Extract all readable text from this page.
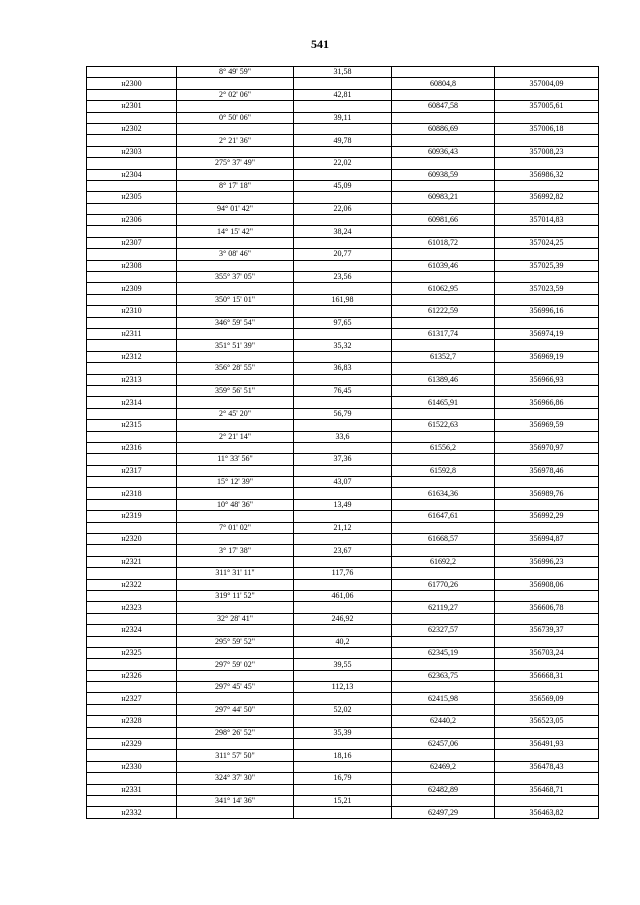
541
	8° 49' 59"	31,58		
н2300			60804,8	357004,09
	2° 02' 06"	42,81		
н2301			60847,58	357005,61
	0° 50' 06"	39,11		
н2302			60886,69	357006,18
	2° 21' 36"	49,78		
н2303			60936,43	357008,23
	275° 37' 49"	22,02		
н2304			60938,59	356986,32
	8° 17' 18"	45,09		
н2305			60983,21	356992,82
	94° 01' 42"	22,06		
н2306			60981,66	357014,83
	14° 15' 42"	38,24		
н2307			61018,72	357024,25
	3° 08' 46"	20,77		
н2308			61039,46	357025,39
	355° 37' 05"	23,56		
н2309			61062,95	357023,59
	350° 15' 01"	161,98		
н2310			61222,59	356996,16
	346° 59' 54"	97,65		
н2311			61317,74	356974,19
	351° 51' 39"	35,32		
н2312			61352,7	356969,19
	356° 28' 55"	36,83		
н2313			61389,46	356966,93
	359° 56' 51"	76,45		
н2314			61465,91	356966,86
	2° 45' 20"	56,79		
н2315			61522,63	356969,59
	2° 21' 14"	33,6		
н2316			61556,2	356970,97
	11° 33' 56"	37,36		
н2317			61592,8	356978,46
	15° 12' 39"	43,07		
н2318			61634,36	356989,76
	10° 48' 36"	13,49		
н2319			61647,61	356992,29
	7° 01' 02"	21,12		
н2320			61668,57	356994,87
	3° 17' 38"	23,67		
н2321			61692,2	356996,23
	311° 31' 11"	117,76		
н2322			61770,26	356908,06
	319° 11' 52"	461,06		
н2323			62119,27	356606,78
	32° 28' 41"	246,92		
н2324			62327,57	356739,37
	295° 59' 52"	40,2		
н2325			62345,19	356703,24
	297° 59' 02"	39,55		
н2326			62363,75	356668,31
	297° 45' 45"	112,13		
н2327			62415,98	356569,09
	297° 44' 50"	52,02		
н2328			62440,2	356523,05
	298° 26' 52"	35,39		
н2329			62457,06	356491,93
	311° 57' 50"	18,16		
н2330			62469,2	356478,43
	324° 37' 30"	16,79		
н2331			62482,89	356468,71
	341° 14' 36"	15,21		
н2332			62497,29	356463,82
